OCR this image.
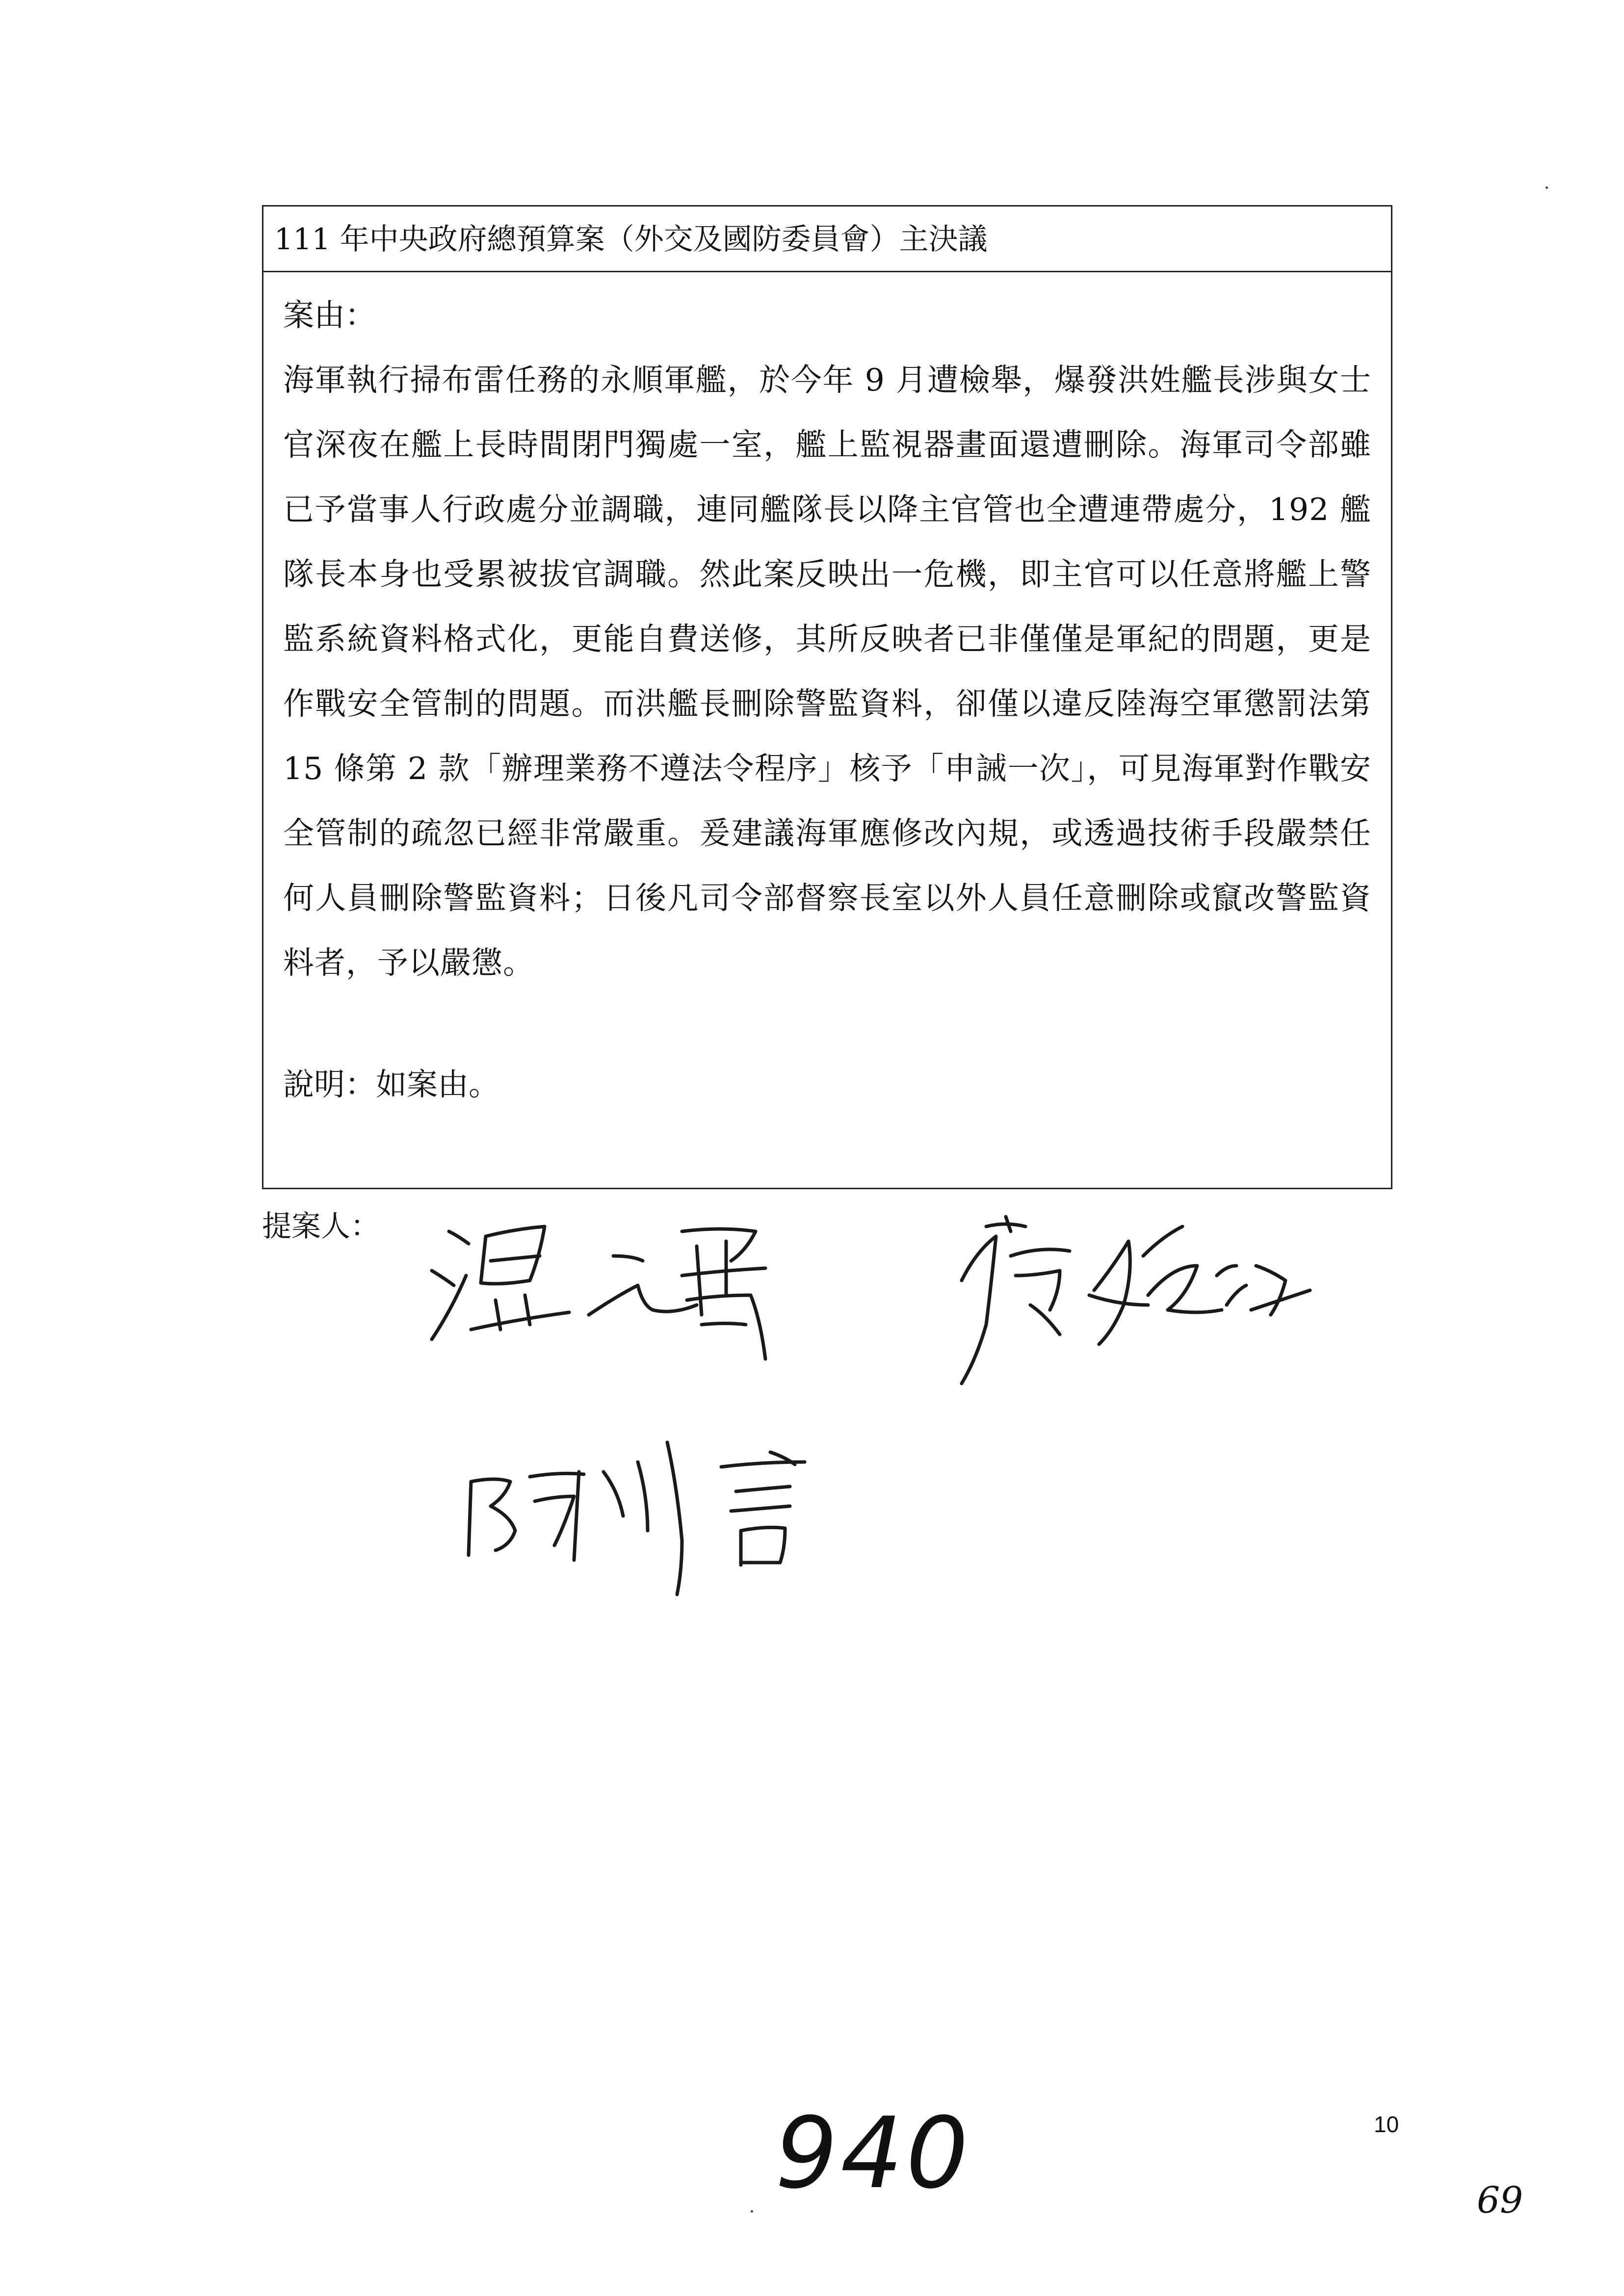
111 年中央政府總預算案（外交及國防委員會）主決議

案由：

海軍執行掃布雷任務的永順軍艦，於今年 9 月遭檢舉，爆發洪姓艦長涉與女士官深夜在艦上長時間閉門獨處一室，艦上監視器畫面還遭刪除。海軍司令部雖已予當事人行政處分並調職，連同艦隊長以降主官管也全遭連帶處分，192 艦隊長本身也受累被拔官調職。然此案反映出一危機，即主官可以任意將艦上警監系統資料格式化，更能自費送修，其所反映者已非僅僅是軍紀的問題，更是作戰安全管制的問題。而洪艦長刪除警監資料，卻僅以違反陸海空軍懲罰法第 15 條第 2 款「辦理業務不遵法令程序」核予「申誡一次」，可見海軍對作戰安全管制的疏忽已經非常嚴重。爰建議海軍應修改內規，或透過技術手段嚴禁任何人員刪除警監資料；日後凡司令部督察長室以外人員任意刪除或竄改警監資料者，予以嚴懲。

說明：如案由。

提案人：
940	10
69
